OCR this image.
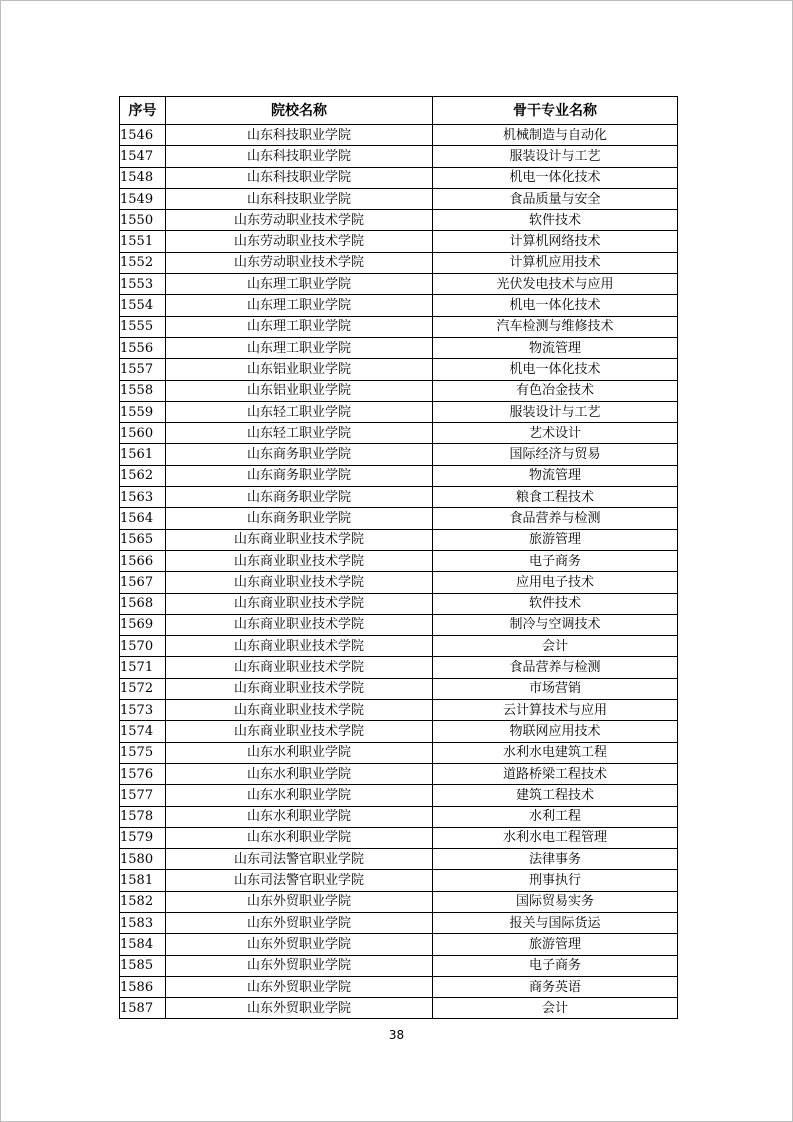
序号	院校名称	骨干专业名称
1546	山东科技职业学院	机械制造与自动化
1547	山东科技职业学院	服装设计与工艺
1548	山东科技职业学院	机电一体化技术
1549	山东科技职业学院	食品质量与安全
1550	山东劳动职业技术学院	软件技术
1551	山东劳动职业技术学院	计算机网络技术
1552	山东劳动职业技术学院	计算机应用技术
1553	山东理工职业学院	光伏发电技术与应用
1554	山东理工职业学院	机电一体化技术
1555	山东理工职业学院	汽车检测与维修技术
1556	山东理工职业学院	物流管理
1557	山东铝业职业学院	机电一体化技术
1558	山东铝业职业学院	有色冶金技术
1559	山东轻工职业学院	服装设计与工艺
1560	山东轻工职业学院	艺术设计
1561	山东商务职业学院	国际经济与贸易
1562	山东商务职业学院	物流管理
1563	山东商务职业学院	粮食工程技术
1564	山东商务职业学院	食品营养与检测
1565	山东商业职业技术学院	旅游管理
1566	山东商业职业技术学院	电子商务
1567	山东商业职业技术学院	应用电子技术
1568	山东商业职业技术学院	软件技术
1569	山东商业职业技术学院	制冷与空调技术
1570	山东商业职业技术学院	会计
1571	山东商业职业技术学院	食品营养与检测
1572	山东商业职业技术学院	市场营销
1573	山东商业职业技术学院	云计算技术与应用
1574	山东商业职业技术学院	物联网应用技术
1575	山东水利职业学院	水利水电建筑工程
1576	山东水利职业学院	道路桥梁工程技术
1577	山东水利职业学院	建筑工程技术
1578	山东水利职业学院	水利工程
1579	山东水利职业学院	水利水电工程管理
1580	山东司法警官职业学院	法律事务
1581	山东司法警官职业学院	刑事执行
1582	山东外贸职业学院	国际贸易实务
1583	山东外贸职业学院	报关与国际货运
1584	山东外贸职业学院	旅游管理
1585	山东外贸职业学院	电子商务
1586	山东外贸职业学院	商务英语
1587	山东外贸职业学院	会计
38
